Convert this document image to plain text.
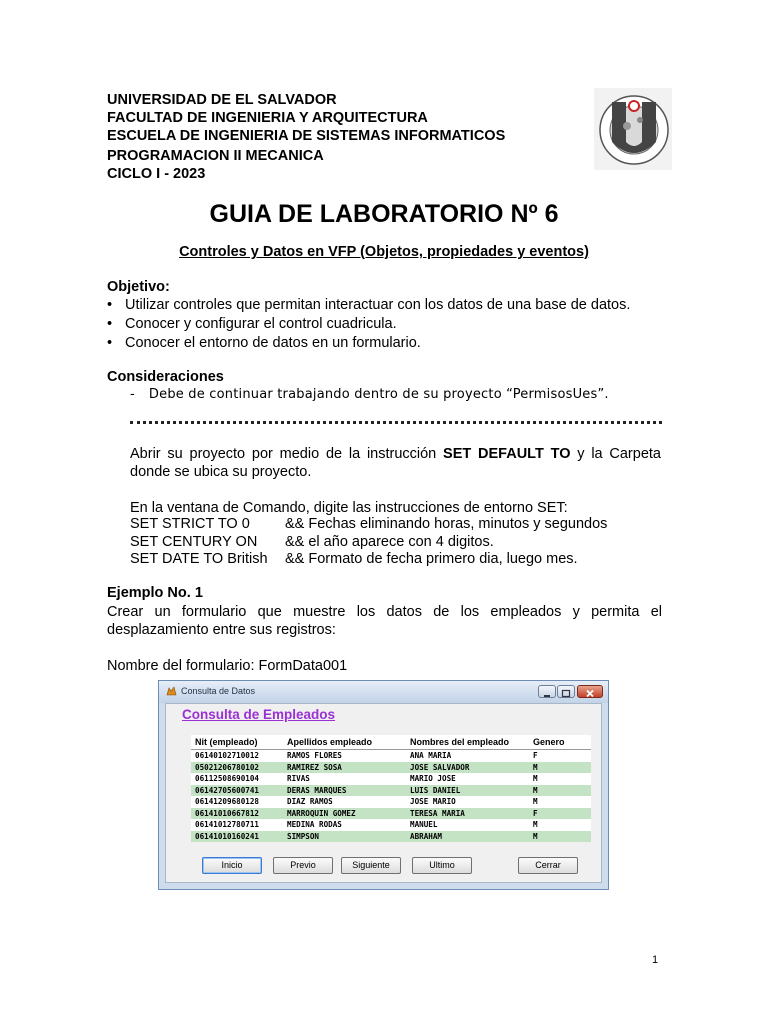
UNIVERSIDAD DE EL SALVADOR
FACULTAD DE INGENIERIA Y ARQUITECTURA
ESCUELA DE INGENIERIA DE SISTEMAS INFORMATICOS
PROGRAMACION II MECANICA
CICLO I - 2023
GUIA DE LABORATORIO Nº 6
Controles y Datos en VFP (Objetos, propiedades y eventos)
Objetivo:
• Utilizar controles que permitan interactuar con los datos de una base de datos.
• Conocer y configurar el control cuadricula.
• Conocer el entorno de datos en un formulario.
Consideraciones
- Debe de continuar trabajando dentro de su proyecto “PermisosUes”.
Abrir su proyecto por medio de la instrucción SET DEFAULT TO y la Carpeta donde se ubica su proyecto.
En la ventana de Comando, digite las instrucciones de entorno SET:
SET STRICT TO 0 && Fechas eliminando horas, minutos y segundos
SET CENTURY ON && el año aparece con 4 digitos.
SET DATE TO British && Formato de fecha primero dia, luego mes.
Ejemplo No. 1
Crear un formulario que muestre los datos de los empleados y permita el desplazamiento entre sus registros:
Nombre del formulario: FormData001
Consulta de Datos
Consulta de Empleados
Nit (empleado)	Apellidos empleado	Nombres del empleado	Genero
06140102710012	RAMOS FLORES	ANA MARIA	F
05021206780102	RAMIREZ SOSA	JOSE SALVADOR	M
06112508690104	RIVAS	MARIO JOSE	M
06142705600741	DERAS MARQUES	LUIS DANIEL	M
06141209680128	DIAZ RAMOS	JOSE MARIO	M
06141010667812	MARROQUIN GOMEZ	TERESA MARIA	F
06141012780711	MEDINA RODAS	MANUEL	M
06141010160241	SIMPSON	ABRAHAM	M
Inicio	Previo	Siguiente	Ultimo	Cerrar
1
